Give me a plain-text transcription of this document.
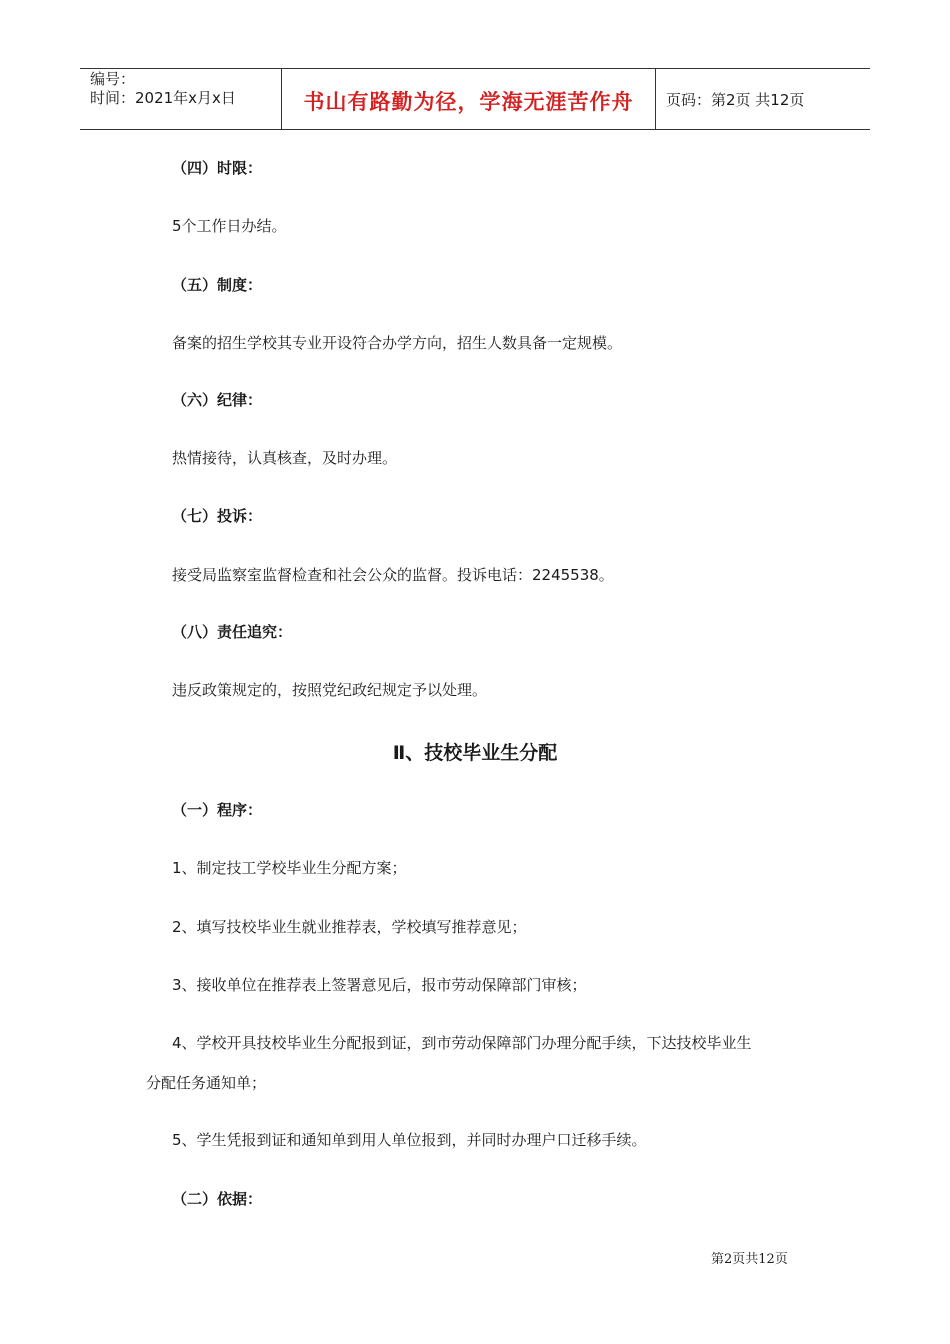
编号：
时间：2021年x月x日	书山有路勤为径，学海无涯苦作舟	页码：第2页 共12页
（四）时限：
5个工作日办结。
（五）制度：
备案的招生学校其专业开设符合办学方向，招生人数具备一定规模。
（六）纪律：
热情接待，认真核查，及时办理。
（七）投诉：
接受局监察室监督检查和社会公众的监督。投诉电话：2245538。
（八）责任追究：
违反政策规定的，按照党纪政纪规定予以处理。
Ⅱ、技校毕业生分配
（一）程序：
1、制定技工学校毕业生分配方案；
2、填写技校毕业生就业推荐表，学校填写推荐意见；
3、接收单位在推荐表上签署意见后，报市劳动保障部门审核；
4、学校开具技校毕业生分配报到证，到市劳动保障部门办理分配手续，下达技校毕业生
分配任务通知单；
5、学生凭报到证和通知单到用人单位报到，并同时办理户口迁移手续。
（二）依据：
第2页共12页
